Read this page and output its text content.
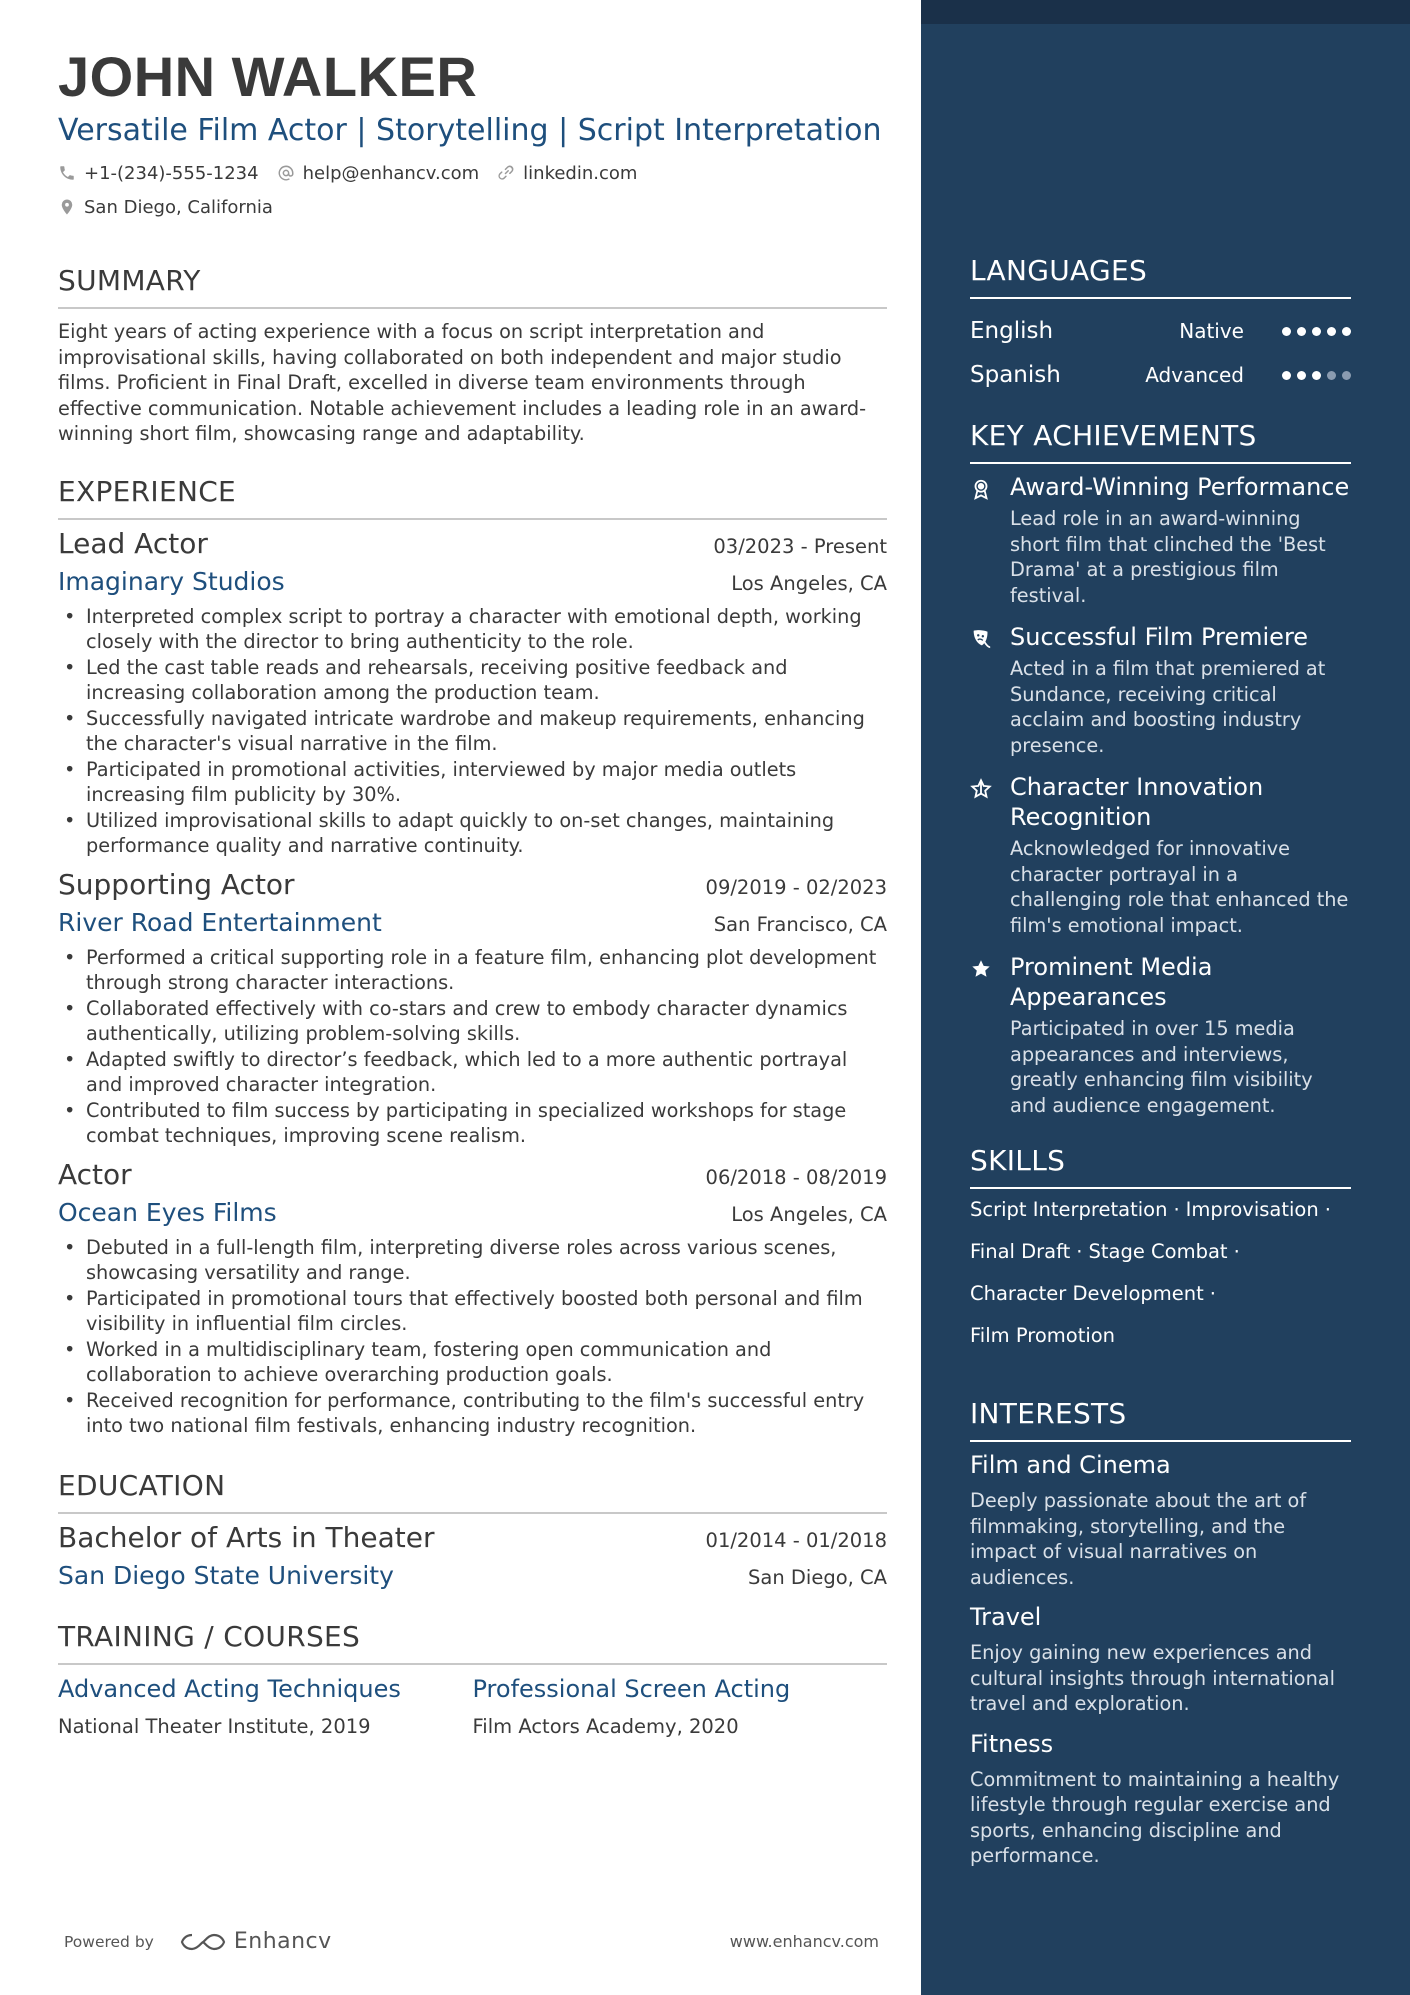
JOHN WALKER
Versatile Film Actor | Storytelling | Script Interpretation
+1-(234)-555-1234 help@enhancv.com linkedin.com
San Diego, California
SUMMARY
Eight years of acting experience with a focus on script interpretation and improvisational skills, having collaborated on both independent and major studio films. Proficient in Final Draft, excelled in diverse team environments through effective communication. Notable achievement includes a leading role in an award-winning short film, showcasing range and adaptability.
EXPERIENCE
Lead Actor	03/2023 - Present
Imaginary Studios	Los Angeles, CA
• Interpreted complex script to portray a character with emotional depth, working closely with the director to bring authenticity to the role.
• Led the cast table reads and rehearsals, receiving positive feedback and increasing collaboration among the production team.
• Successfully navigated intricate wardrobe and makeup requirements, enhancing the character's visual narrative in the film.
• Participated in promotional activities, interviewed by major media outlets increasing film publicity by 30%.
• Utilized improvisational skills to adapt quickly to on-set changes, maintaining performance quality and narrative continuity.
Supporting Actor	09/2019 - 02/2023
River Road Entertainment	San Francisco, CA
• Performed a critical supporting role in a feature film, enhancing plot development through strong character interactions.
• Collaborated effectively with co-stars and crew to embody character dynamics authentically, utilizing problem-solving skills.
• Adapted swiftly to director’s feedback, which led to a more authentic portrayal and improved character integration.
• Contributed to film success by participating in specialized workshops for stage combat techniques, improving scene realism.
Actor	06/2018 - 08/2019
Ocean Eyes Films	Los Angeles, CA
• Debuted in a full-length film, interpreting diverse roles across various scenes, showcasing versatility and range.
• Participated in promotional tours that effectively boosted both personal and film visibility in influential film circles.
• Worked in a multidisciplinary team, fostering open communication and collaboration to achieve overarching production goals.
• Received recognition for performance, contributing to the film's successful entry into two national film festivals, enhancing industry recognition.
EDUCATION
Bachelor of Arts in Theater	01/2014 - 01/2018
San Diego State University	San Diego, CA
TRAINING / COURSES
Advanced Acting Techniques
National Theater Institute, 2019
Professional Screen Acting
Film Actors Academy, 2020
Powered by	Enhancv	www.enhancv.com
LANGUAGES
English	Native
Spanish	Advanced
KEY ACHIEVEMENTS
Award-Winning Performance
Lead role in an award-winning short film that clinched the 'Best Drama' at a prestigious film festival.
Successful Film Premiere
Acted in a film that premiered at Sundance, receiving critical acclaim and boosting industry presence.
Character Innovation Recognition
Acknowledged for innovative character portrayal in a challenging role that enhanced the film's emotional impact.
Prominent Media Appearances
Participated in over 15 media appearances and interviews, greatly enhancing film visibility and audience engagement.
SKILLS
Script Interpretation · Improvisation ·
Final Draft · Stage Combat ·
Character Development ·
Film Promotion
INTERESTS
Film and Cinema
Deeply passionate about the art of filmmaking, storytelling, and the impact of visual narratives on audiences.
Travel
Enjoy gaining new experiences and cultural insights through international travel and exploration.
Fitness
Commitment to maintaining a healthy lifestyle through regular exercise and sports, enhancing discipline and performance.
